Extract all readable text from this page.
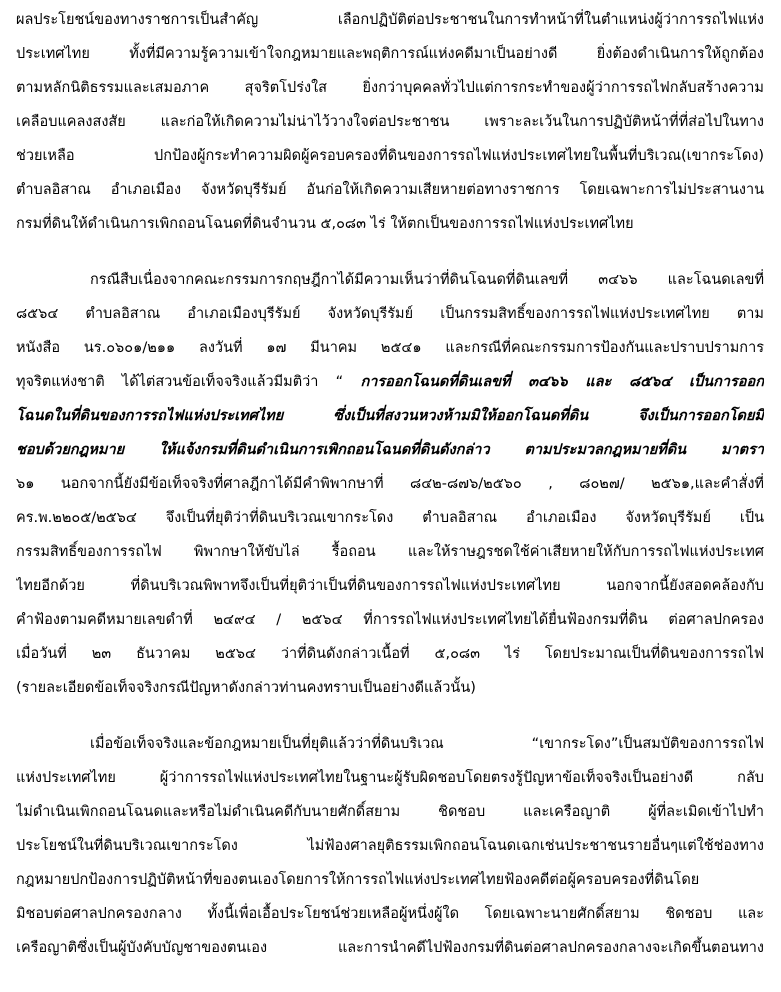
ผลประโยชน์ของทางราชการเป็นสำคัญ เลือกปฏิบัติต่อประชาชนในการทำหน้าที่ในตำแหน่งผู้ว่าการรถไฟแห่ง
ประเทศไทย ทั้งที่มีความรู้ความเข้าใจกฎหมายและพฤติการณ์แห่งคดีมาเป็นอย่างดี ยิ่งต้องดำเนินการให้ถูกต้อง
ตามหลักนิติธรรมและเสมอภาค สุจริตโปร่งใส ยิ่งกว่าบุคคลทั่วไปแต่การกระทำของผู้ว่าการรถไฟกลับสร้างความ
เคลือบแคลงสงสัย และก่อให้เกิดความไม่น่าไว้วางใจต่อประชาชน เพราะละเว้นในการปฏิบัติหน้าที่ที่ส่อไปในทาง
ช่วยเหลือ ปกป้องผู้กระทำความผิดผู้ครอบครองที่ดินของการรถไฟแห่งประเทศไทยในพื้นที่บริเวณ(เขากระโดง)
ตำบลอิสาณ อำเภอเมือง จังหวัดบุรีรัมย์ อันก่อให้เกิดความเสียหายต่อทางราชการ โดยเฉพาะการไม่ประสานงาน
กรมที่ดินให้ดำเนินการเพิกถอนโฉนดที่ดินจำนวน ๕,๐๘๓ ไร่ ให้ตกเป็นของการรถไฟแห่งประเทศไทย
กรณีสืบเนื่องจากคณะกรรมการกฤษฎีกาได้มีความเห็นว่าที่ดินโฉนดที่ดินเลขที่ ๓๔๖๖ และโฉนดเลขที่
๘๕๖๔ ตำบลอิสาณ อำเภอเมืองบุรีรัมย์ จังหวัดบุรีรัมย์ เป็นกรรมสิทธิ์ของการรถไฟแห่งประเทศไทย ตาม
หนังสือ นร.๐๖๐๑/๒๑๑ ลงวันที่ ๑๗ มีนาคม ๒๕๔๑ และกรณีที่คณะกรรมการป้องกันและปราบปรามการ
ทุจริตแห่งชาติ ได้ไต่สวนข้อเท็จจริงแล้วมีมติว่า “ การออกโฉนดที่ดินเลขที่ ๓๔๖๖ และ ๘๕๖๔ เป็นการออก
โฉนดในที่ดินของการรถไฟแห่งประเทศไทย ซึ่งเป็นที่สงวนหวงห้ามมิให้ออกโฉนดที่ดิน จึงเป็นการออกโดยมิ
ชอบด้วยกฎหมาย ให้แจ้งกรมที่ดินดำเนินการเพิกถอนโฉนดที่ดินดังกล่าว ตามประมวลกฎหมายที่ดิน มาตรา
๖๑ นอกจากนี้ยังมีข้อเท็จจริงที่ศาลฎีกาได้มีคำพิพากษาที่ ๘๔๒-๘๗๖/๒๕๖๐ , ๘๐๒๗/ ๒๕๖๑,และคำสั่งที่
คร.พ.๒๒๐๕/๒๕๖๔ จึงเป็นที่ยุติว่าที่ดินบริเวณเขากระโดง ตำบลอิสาณ อำเภอเมือง จังหวัดบุรีรัมย์ เป็น
กรรมสิทธิ์ของการรถไฟ พิพากษาให้ขับไล่ รื้อถอน และให้ราษฎรชดใช้ค่าเสียหายให้กับการรถไฟแห่งประเทศ
ไทยอีกด้วย ที่ดินบริเวณพิพาทจึงเป็นที่ยุติว่าเป็นที่ดินของการรถไฟแห่งประเทศไทย นอกจากนี้ยังสอดคล้องกับ
คำฟ้องตามคดีหมายเลขดำที่ ๒๔๙๔ / ๒๕๖๔ ที่การรถไฟแห่งประเทศไทยได้ยื่นฟ้องกรมที่ดิน ต่อศาลปกครอง
เมื่อวันที่ ๒๓ ธันวาคม ๒๕๖๔ ว่าที่ดินดังกล่าวเนื้อที่ ๕,๐๘๓ ไร่ โดยประมาณเป็นที่ดินของการรถไฟ
(รายละเอียดข้อเท็จจริงกรณีปัญหาดังกล่าวท่านคงทราบเป็นอย่างดีแล้วนั้น)
เมื่อข้อเท็จจริงและข้อกฎหมายเป็นที่ยุติแล้วว่าที่ดินบริเวณ “เขากระโดง”เป็นสมบัติของการรถไฟ
แห่งประเทศไทย ผู้ว่าการรถไฟแห่งประเทศไทยในฐานะผู้รับผิดชอบโดยตรงรู้ปัญหาข้อเท็จจริงเป็นอย่างดี กลับ
ไม่ดำเนินเพิกถอนโฉนดและหรือไม่ดำเนินคดีกับนายศักดิ์สยาม ชิดชอบ และเครือญาติ ผู้ที่ละเมิดเข้าไปทำ
ประโยชน์ในที่ดินบริเวณเขากระโดง ไม่ฟ้องศาลยุติธรรมเพิกถอนโฉนดเฉกเช่นประชาชนรายอื่นๆแต่ใช้ช่องทาง
กฎหมายปกป้องการปฏิบัติหน้าที่ของตนเองโดยการให้การรถไฟแห่งประเทศไทยฟ้องคดีต่อผู้ครอบครองที่ดินโดย
มิชอบต่อศาลปกครองกลาง ทั้งนี้เพื่อเอื้อประโยชน์ช่วยเหลือผู้หนึ่งผู้ใด โดยเฉพาะนายศักดิ์สยาม ชิดชอบ และ
เครือญาติซึ่งเป็นผู้บังคับบัญชาของตนเอง และการนำคดีไปฟ้องกรมที่ดินต่อศาลปกครองกลางจะเกิดขึ้นตอนทาง
